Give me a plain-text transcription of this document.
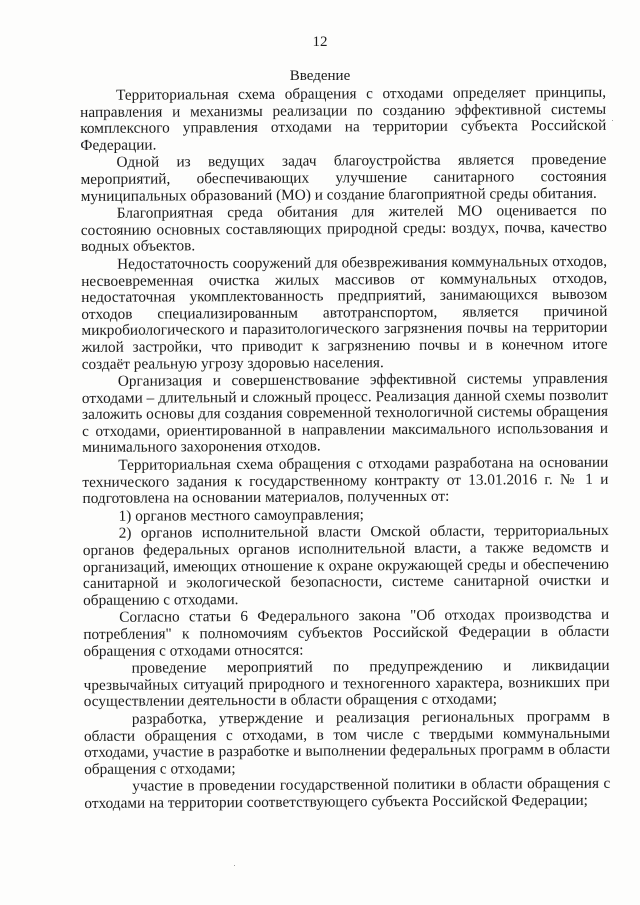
12
Введение

Территориальная схема обращения с отходами определяет принципы, направления и механизмы реализации по созданию эффективной системы комплексного управления отходами на территории субъекта Российской Федерации.

Одной из ведущих задач благоустройства является проведение мероприятий, обеспечивающих улучшение санитарного состояния муниципальных образований (МО) и создание благоприятной среды обитания.

Благоприятная среда обитания для жителей МО оценивается по состоянию основных составляющих природной среды: воздух, почва, качество водных объектов.

Недостаточность сооружений для обезвреживания коммунальных отходов, несвоевременная очистка жилых массивов от коммунальных отходов, недостаточная укомплектованность предприятий, занимающихся вывозом отходов специализированным автотранспортом, является причиной микробиологического и паразитологического загрязнения почвы на территории жилой застройки, что приводит к загрязнению почвы и в конечном итоге создаёт реальную угрозу здоровью населения.

Организация и совершенствование эффективной системы управления отходами – длительный и сложный процесс. Реализация данной схемы позволит заложить основы для создания современной технологичной системы обращения с отходами, ориентированной в направлении максимального использования и минимального захоронения отходов.

Территориальная схема обращения с отходами разработана на основании технического задания к государственному контракту от 13.01.2016 г. № 1 и подготовлена на основании материалов, полученных от:

1) органов местного самоуправления;

2) органов исполнительной власти Омской области, территориальных органов федеральных органов исполнительной власти, а также ведомств и организаций, имеющих отношение к охране окружающей среды и обеспечению санитарной и экологической безопасности, системе санитарной очистки и обращению с отходами.

Согласно статьи 6 Федерального закона "Об отходах производства и потребления" к полномочиям субъектов Российской Федерации в области обращения с отходами относятся:

проведение мероприятий по предупреждению и ликвидации чрезвычайных ситуаций природного и техногенного характера, возникших при осуществлении деятельности в области обращения с отходами;

разработка, утверждение и реализация региональных программ в области обращения с отходами, в том числе с твердыми коммунальными отходами, участие в разработке и выполнении федеральных программ в области обращения с отходами;

участие в проведении государственной политики в области обращения с отходами на территории соответствующего субъекта Российской Федерации;
